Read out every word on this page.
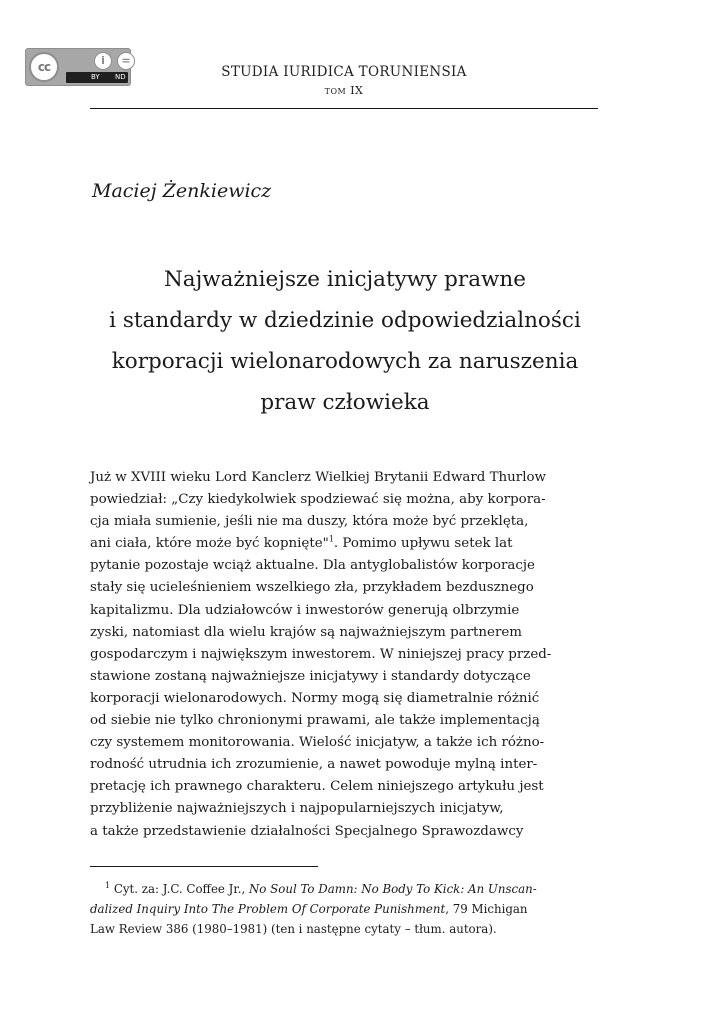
cc	i	=
BY ND	STUDIA IURIDICA TORUNIENSIA
tom IX
Maciej Żenkiewicz
Najważniejsze inicjatywy prawne
i standardy w dziedzinie odpowiedzialności
korporacji wielonarodowych za naruszenia
praw człowieka
Już w XVIII wieku Lord Kanclerz Wielkiej Brytanii Edward Thurlow
powiedział: „Czy kiedykolwiek spodziewać się można, aby korpora-
cja miała sumienie, jeśli nie ma duszy, która może być przeklęta,
ani ciała, które może być kopnięte"$^1$. Pomimo upływu setek lat
pytanie pozostaje wciąż aktualne. Dla antyglobalistów korporacje
stały się ucieleśnieniem wszelkiego zła, przykładem bezdusznego
kapitalizmu. Dla udziałowców i inwestorów generują olbrzymie
zyski, natomiast dla wielu krajów są najważniejszym partnerem
gospodarczym i największym inwestorem. W niniejszej pracy przed-
stawione zostaną najważniejsze inicjatywy i standardy dotyczące
korporacji wielonarodowych. Normy mogą się diametralnie różnić
od siebie nie tylko chronionymi prawami, ale także implementacją
czy systemem monitorowania. Wielość inicjatyw, a także ich różno-
rodność utrudnia ich zrozumienie, a nawet powoduje mylną inter-
pretację ich prawnego charakteru. Celem niniejszego artykułu jest
przybliżenie najważniejszych i najpopularniejszych inicjatyw,
a także przedstawienie działalności Specjalnego Sprawozdawcy
  $^1$ Cyt. za: J.C. Coffee Jr., No Soul To Damn: No Body To Kick: An Unscan-
dalized Inquiry Into The Problem Of Corporate Punishment, 79 Michigan
Law Review 386 (1980–1981) (ten i następne cytaty – tłum. autora).
